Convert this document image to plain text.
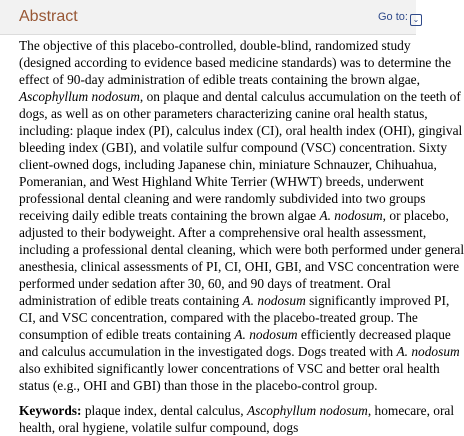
Abstract	Go to: ⌄
The objective of this placebo-controlled, double-blind, randomized study
(designed according to evidence based medicine standards) was to determine the
effect of 90-day administration of edible treats containing the brown algae,
Ascophyllum nodosum, on plaque and dental calculus accumulation on the teeth of
dogs, as well as on other parameters characterizing canine oral health status,
including: plaque index (PI), calculus index (CI), oral health index (OHI), gingival
bleeding index (GBI), and volatile sulfur compound (VSC) concentration. Sixty
client-owned dogs, including Japanese chin, miniature Schnauzer, Chihuahua,
Pomeranian, and West Highland White Terrier (WHWT) breeds, underwent
professional dental cleaning and were randomly subdivided into two groups
receiving daily edible treats containing the brown algae A. nodosum, or placebo,
adjusted to their bodyweight. After a comprehensive oral health assessment,
including a professional dental cleaning, which were both performed under general
anesthesia, clinical assessments of PI, CI, OHI, GBI, and VSC concentration were
performed under sedation after 30, 60, and 90 days of treatment. Oral
administration of edible treats containing A. nodosum significantly improved PI,
CI, and VSC concentration, compared with the placebo-treated group. The
consumption of edible treats containing A. nodosum efficiently decreased plaque
and calculus accumulation in the investigated dogs. Dogs treated with A. nodosum
also exhibited significantly lower concentrations of VSC and better oral health
status (e.g., OHI and GBI) than those in the placebo-control group.
Keywords: plaque index, dental calculus, Ascophyllum nodosum, homecare, oral
health, oral hygiene, volatile sulfur compound, dogs
